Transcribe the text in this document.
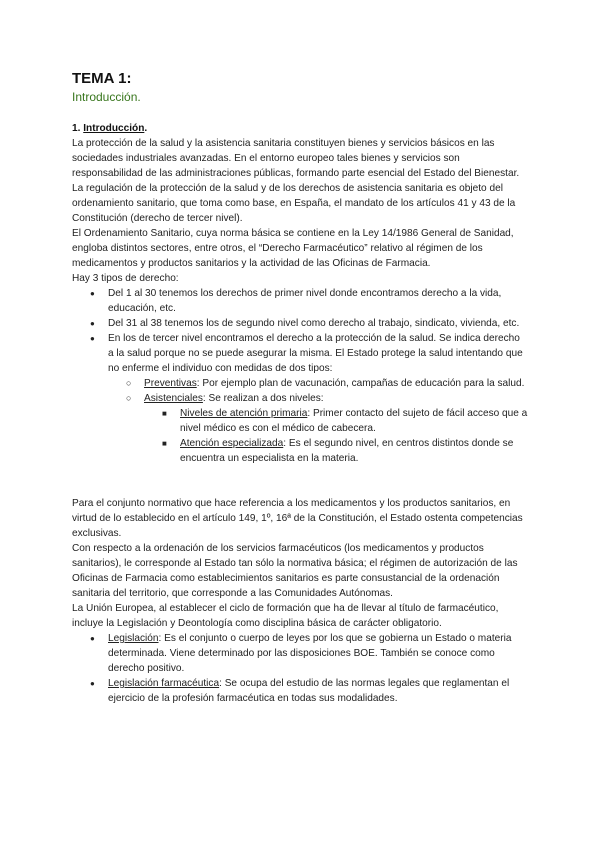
TEMA 1:

Introducción.

1. Introducción.

La protección de la salud y la asistencia sanitaria constituyen bienes y servicios básicos en las sociedades industriales avanzadas. En el entorno europeo tales bienes y servicios son responsabilidad de las administraciones públicas, formando parte esencial del Estado del Bienestar.

La regulación de la protección de la salud y de los derechos de asistencia sanitaria es objeto del ordenamiento sanitario, que toma como base, en España, el mandato de los artículos 41 y 43 de la Constitución (derecho de tercer nivel).

El Ordenamiento Sanitario, cuya norma básica se contiene en la Ley 14/1986 General de Sanidad, engloba distintos sectores, entre otros, el “Derecho Farmacéutico” relativo al régimen de los medicamentos y productos sanitarios y la actividad de las Oficinas de Farmacia.

Hay 3 tipos de derecho:

● Del 1 al 30 tenemos los derechos de primer nivel donde encontramos derecho a la vida, educación, etc.
● Del 31 al 38 tenemos los de segundo nivel como derecho al trabajo, sindicato, vivienda, etc.
● En los de tercer nivel encontramos el derecho a la protección de la salud. Se indica derecho a la salud porque no se puede asegurar la misma. El Estado protege la salud intentando que no enferme el individuo con medidas de dos tipos:
○ Preventivas: Por ejemplo plan de vacunación, campañas de educación para la salud.
○ Asistenciales: Se realizan a dos niveles:
■ Niveles de atención primaria: Primer contacto del sujeto de fácil acceso que a nivel médico es con el médico de cabecera.
■ Atención especializada: Es el segundo nivel, en centros distintos donde se encuentra un especialista en la materia.

Para el conjunto normativo que hace referencia a los medicamentos y los productos sanitarios, en virtud de lo establecido en el artículo 149, 1º, 16ª de la Constitución, el Estado ostenta competencias exclusivas.

Con respecto a la ordenación de los servicios farmacéuticos (los medicamentos y productos sanitarios), le corresponde al Estado tan sólo la normativa básica; el régimen de autorización de las Oficinas de Farmacia como establecimientos sanitarios es parte consustancial de la ordenación sanitaria del territorio, que corresponde a las Comunidades Autónomas.

La Unión Europea, al establecer el ciclo de formación que ha de llevar al título de farmacéutico, incluye la Legislación y Deontología como disciplina básica de carácter obligatorio.

● Legislación: Es el conjunto o cuerpo de leyes por los que se gobierna un Estado o materia determinada. Viene determinado por las disposiciones BOE. También se conoce como derecho positivo.
● Legislación farmacéutica: Se ocupa del estudio de las normas legales que reglamentan el ejercicio de la profesión farmacéutica en todas sus modalidades.
